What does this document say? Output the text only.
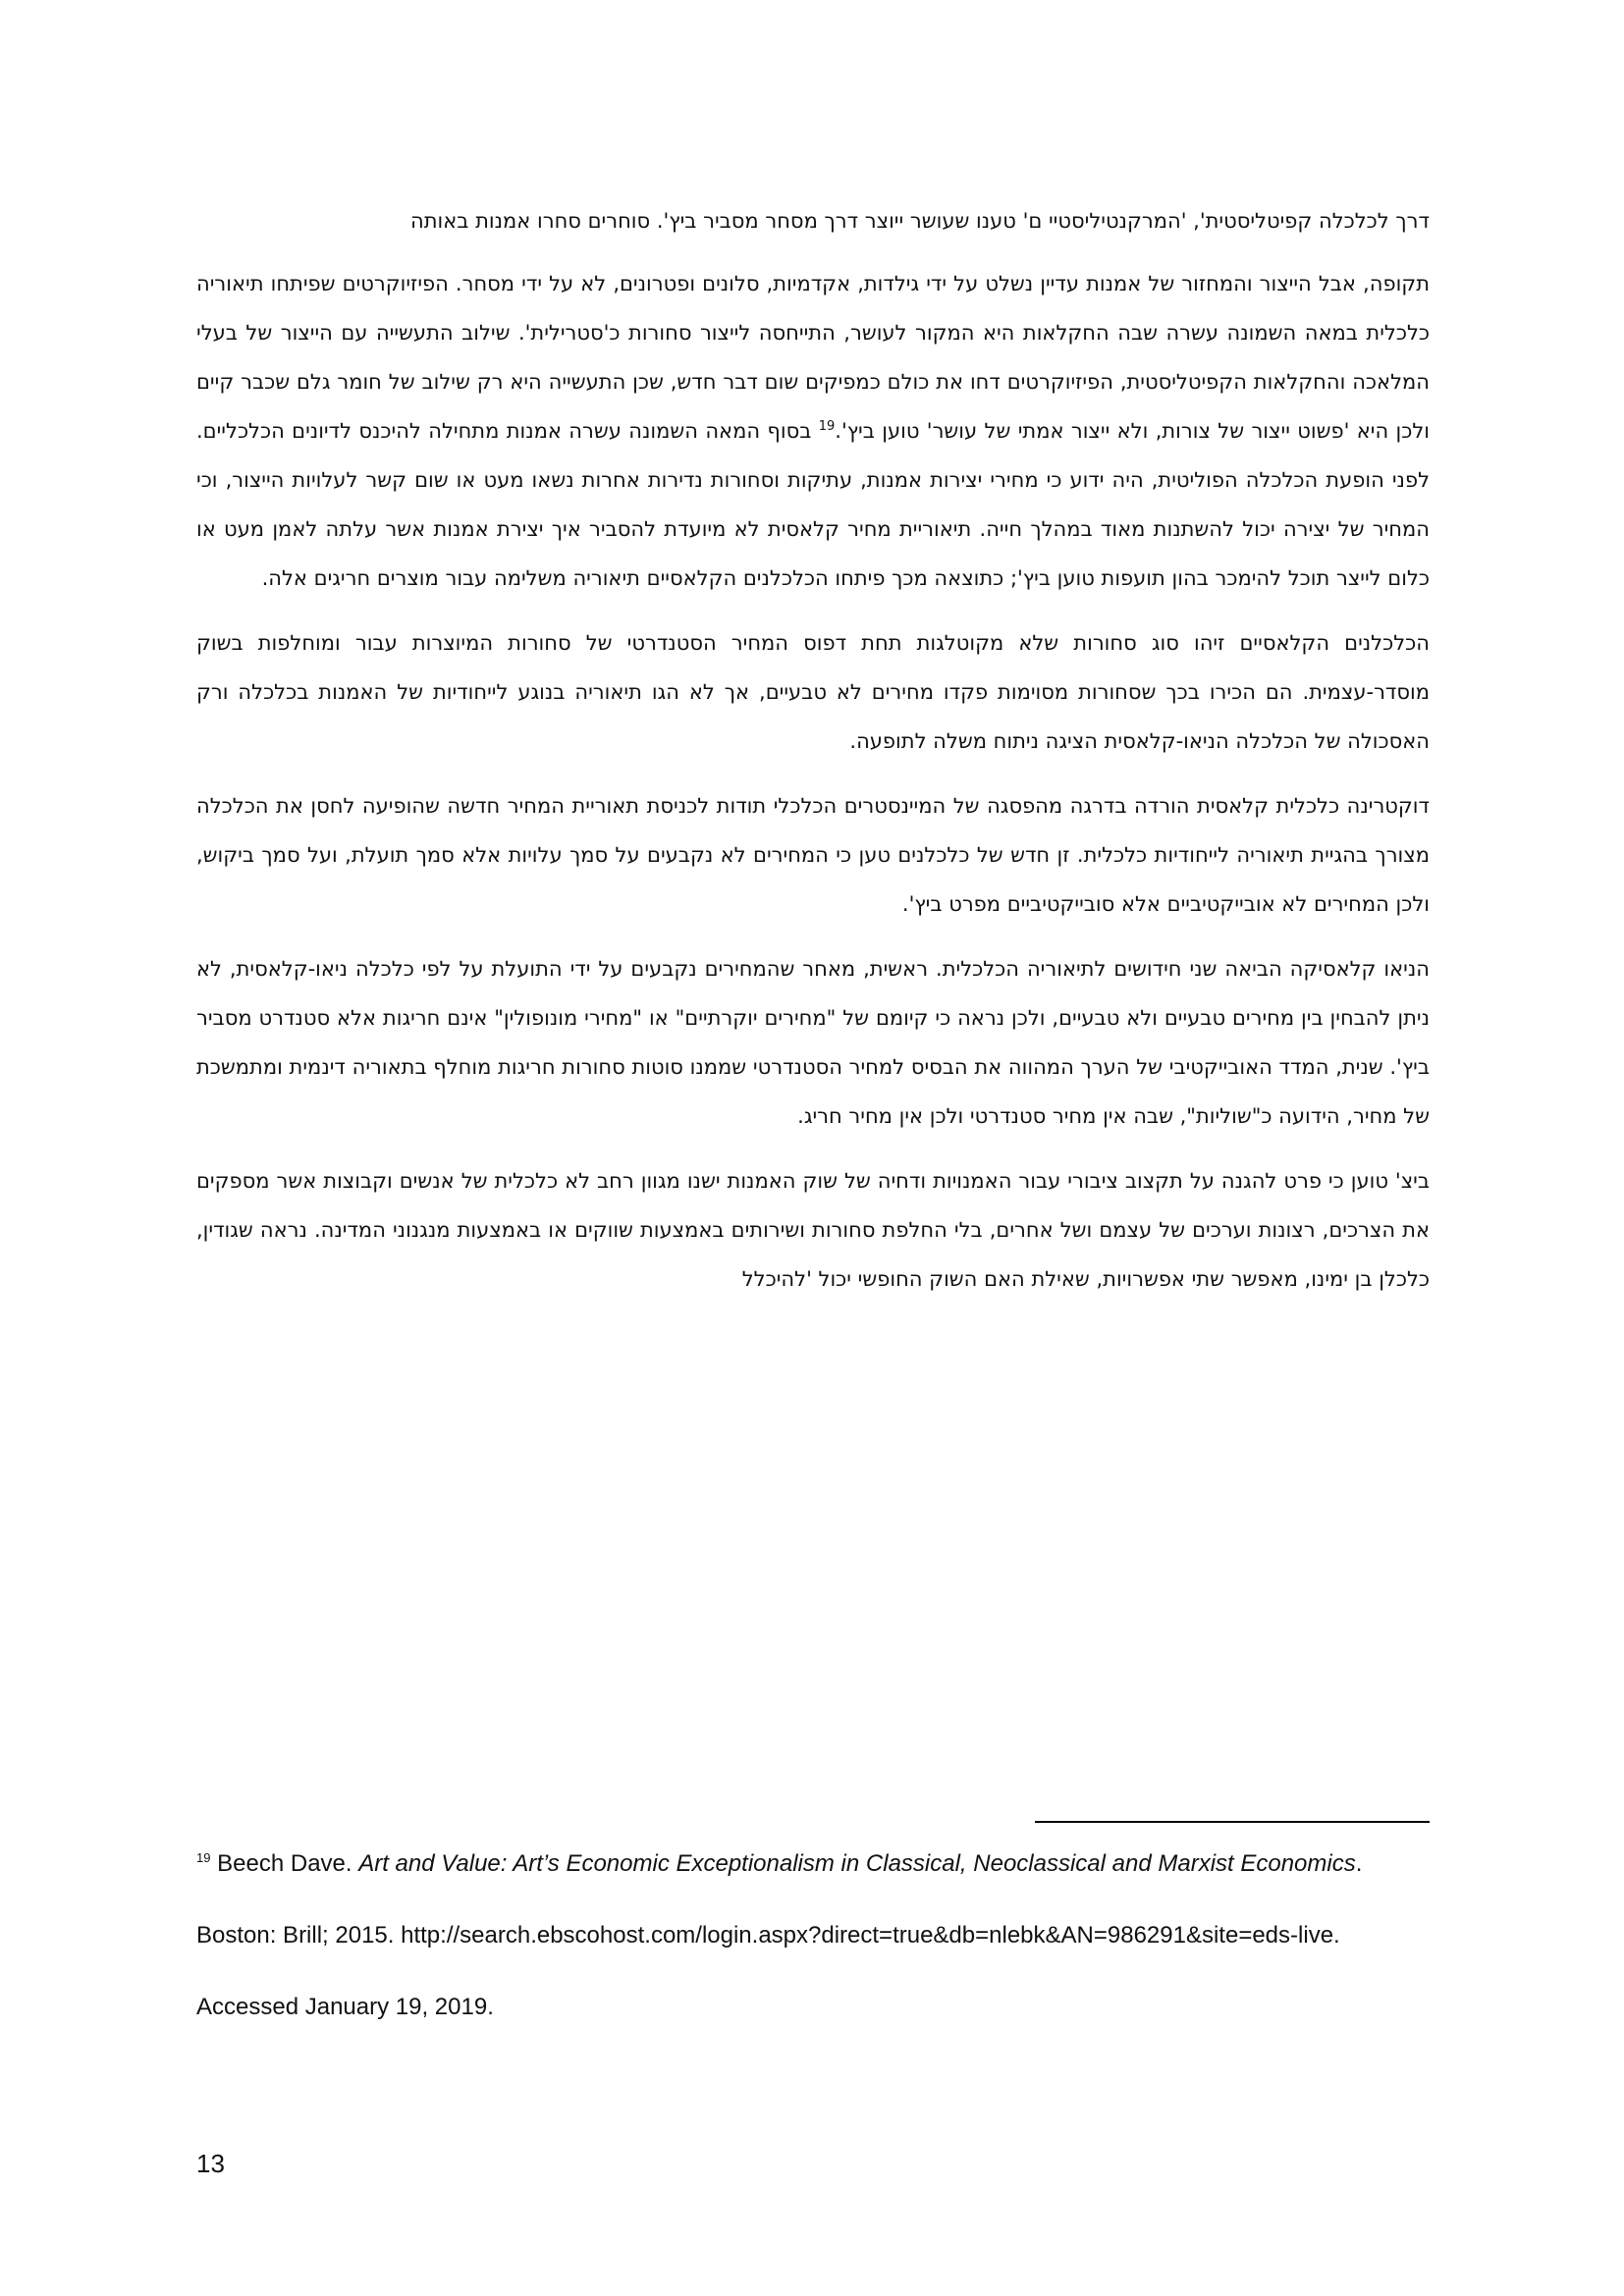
דרך לכלכלה קפיטליסטית', 'המרקנטיליסטיי ם' טענו שעושר ייוצר דרך מסחר מסביר ביץ'. סוחרים סחרו אמנות באותה

תקופה, אבל הייצור והמחזור של אמנות עדיין נשלט על ידי גילדות, אקדמיות, סלונים ופטרונים, לא על ידי מסחר. הפיזיוקרטים שפיתחו תיאוריה כלכלית במאה השמונה עשרה שבה החקלאות היא המקור לעושר, התייחסה לייצור סחורות כ'סטרילית'. שילוב התעשייה עם הייצור של בעלי המלאכה והחקלאות הקפיטליסטית, הפיזיוקרטים דחו את כולם כמפיקים שום דבר חדש, שכן התעשייה היא רק שילוב של חומר גלם שכבר קיים ולכן היא 'פשוט ייצור של צורות, ולא ייצור אמתי של עושר' טוען ביץ'.$^{19}$ בסוף המאה השמונה עשרה אמנות מתחילה להיכנס לדיונים הכלכליים. לפני הופעת הכלכלה הפוליטית, היה ידוע כי מחירי יצירות אמנות, עתיקות וסחורות נדירות אחרות נשאו מעט או שום קשר לעלויות הייצור, וכי המחיר של יצירה יכול להשתנות מאוד במהלך חייה. תיאוריית מחיר קלאסית לא מיועדת להסביר איך יצירת אמנות אשר עלתה לאמן מעט או כלום לייצר תוכל להימכר בהון תועפות טוען ביץ'; כתוצאה מכך פיתחו הכלכלנים הקלאסיים תיאוריה משלימה עבור מוצרים חריגים אלה.

הכלכלנים הקלאסיים זיהו סוג סחורות שלא מקוטלגות תחת דפוס המחיר הסטנדרטי של סחורות המיוצרות עבור ומוחלפות בשוק מוסדר-עצמית. הם הכירו בכך שסחורות מסוימות פקדו מחירים לא טבעיים, אך לא הגו תיאוריה בנוגע לייחודיות של האמנות בכלכלה ורק האסכולה של הכלכלה הניאו-קלאסית הציגה ניתוח משלה לתופעה.

דוקטרינה כלכלית קלאסית הורדה בדרגה מהפסגה של המיינסטרים הכלכלי תודות לכניסת תאוריית המחיר חדשה שהופיעה לחסן את הכלכלה מצורך בהגיית תיאוריה לייחודיות כלכלית. זן חדש של כלכלנים טען כי המחירים לא נקבעים על סמך עלויות אלא סמך תועלת, ועל סמך ביקוש, ולכן המחירים לא אובייקטיביים אלא סובייקטיביים מפרט ביץ'.

הניאו קלאסיקה הביאה שני חידושים לתיאוריה הכלכלית. ראשית, מאחר שהמחירים נקבעים על ידי התועלת על לפי כלכלה ניאו-קלאסית, לא ניתן להבחין בין מחירים טבעיים ולא טבעיים, ולכן נראה כי קיומם של "מחירים יוקרתיים" או "מחירי מונופולין" אינם חריגות אלא סטנדרט מסביר ביץ'. שנית, המדד האובייקטיבי של הערך המהווה את הבסיס למחיר הסטנדרטי שממנו סוטות סחורות חריגות מוחלף בתאוריה דינמית ומתמשכת של מחיר, הידועה כ"שוליות", שבה אין מחיר סטנדרטי ולכן אין מחיר חריג.

ביצ' טוען כי פרט להגנה על תקצוב ציבורי עבור האמנויות ודחיה של שוק האמנות ישנו מגוון רחב לא כלכלית של אנשים וקבוצות אשר מספקים את הצרכים, רצונות וערכים של עצמם ושל אחרים, בלי החלפת סחורות ושירותים באמצעות שווקים או באמצעות מנגנוני המדינה. נראה שגודין, כלכלן בן ימינו, מאפשר שתי אפשרויות, שאילת האם השוק החופשי יכול 'להיכלל

$^{19}$ Beech Dave. Art and Value: Art’s Economic Exceptionalism in Classical, Neoclassical and Marxist Economics. Boston: Brill; 2015. http://search.ebscohost.com/login.aspx?direct=true&db=nlebk&AN=986291&site=eds-live. Accessed January 19, 2019.
13
